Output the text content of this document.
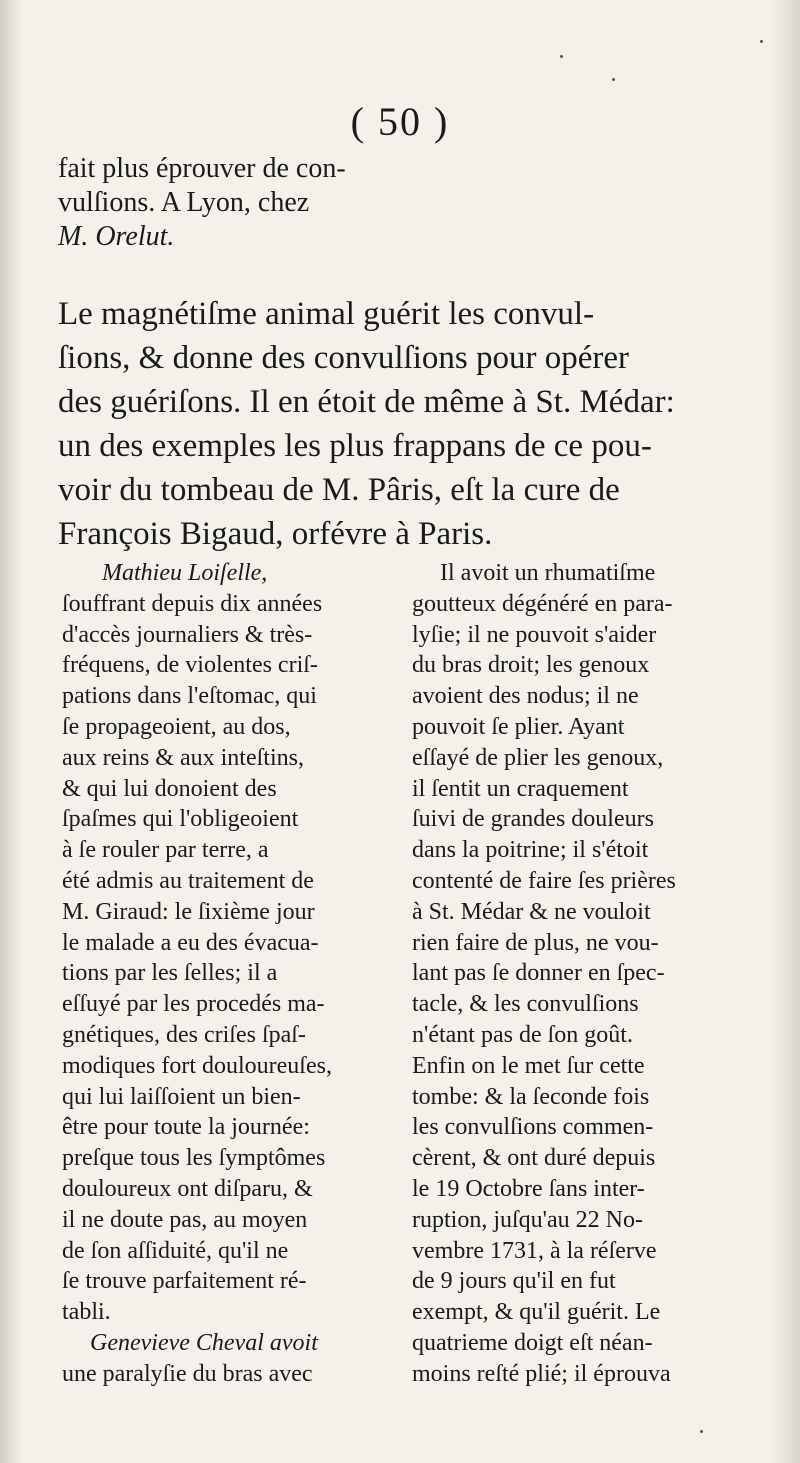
( 50 )
fait plus éprouver de con-
vulſions. A Lyon, chez
M. Orelut.
Le magnétiſme animal guérit les convul-
ſions, & donne des convulſions pour opérer
des guériſons. Il en étoit de même à St. Médar:
un des exemples les plus frappans de ce pou-
voir du tombeau de M. Pâris, eſt la cure de
François Bigaud, orfévre à Paris.
Mathieu Loiſelle,
ſouffrant depuis dix années
d'accès journaliers & très-
fréquens, de violentes criſ-
pations dans l'eſtomac, qui
ſe propageoient, au dos,
aux reins & aux inteſtins,
& qui lui donoient des
ſpaſmes qui l'obligeoient
à ſe rouler par terre, a
été admis au traitement de
M. Giraud: le ſixième jour
le malade a eu des évacua-
tions par les ſelles; il a
eſſuyé par les procedés ma-
gnétiques, des criſes ſpaſ-
modiques fort douloureuſes,
qui lui laiſſoient un bien-
être pour toute la journée:
preſque tous les ſymptômes
douloureux ont diſparu, &
il ne doute pas, au moyen
de ſon aſſiduité, qu'il ne
ſe trouve parfaitement ré-
tabli.
Genevieve Cheval avoit
une paralyſie du bras avec
Il avoit un rhumatiſme
goutteux dégénéré en para-
lyſie; il ne pouvoit s'aider
du bras droit; les genoux
avoient des nodus; il ne
pouvoit ſe plier. Ayant
eſſayé de plier les genoux,
il ſentit un craquement
ſuivi de grandes douleurs
dans la poitrine; il s'étoit
contenté de faire ſes prières
à St. Médar & ne vouloit
rien faire de plus, ne vou-
lant pas ſe donner en ſpec-
tacle, & les convulſions
n'étant pas de ſon goût.
Enfin on le met ſur cette
tombe: & la ſeconde fois
les convulſions commen-
cèrent, & ont duré depuis
le 19 Octobre ſans inter-
ruption, juſqu'au 22 No-
vembre 1731, à la réſerve
de 9 jours qu'il en fut
exempt, & qu'il guérit. Le
quatrieme doigt eſt néan-
moins reſté plié; il éprouva
